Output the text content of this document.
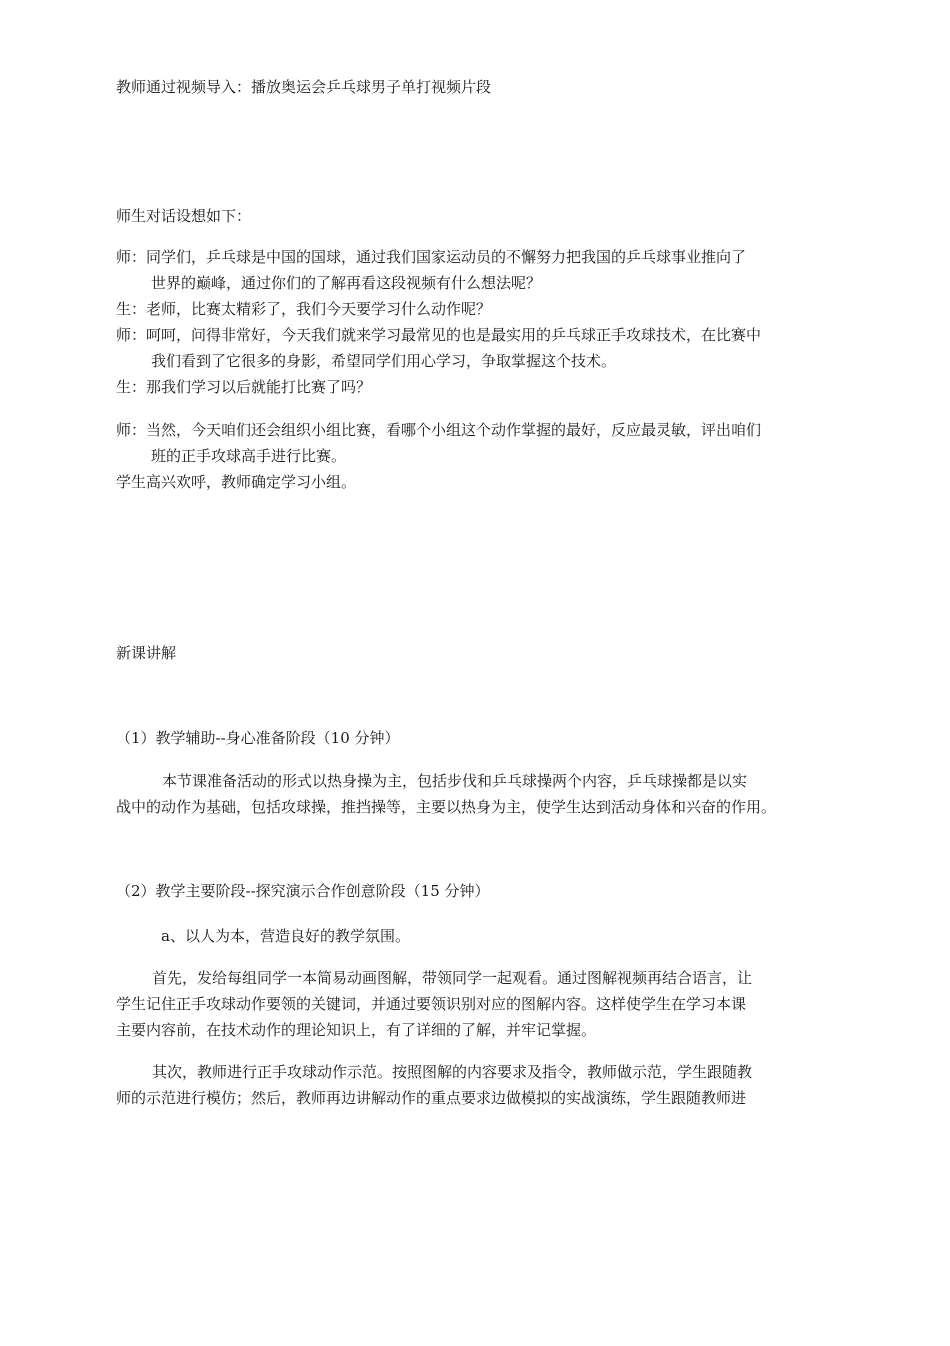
教师通过视频导入：播放奥运会乒乓球男子单打视频片段
师生对话设想如下：
师：同学们，乒乓球是中国的国球，通过我们国家运动员的不懈努力把我国的乒乓球事业推向了
世界的巅峰，通过你们的了解再看这段视频有什么想法呢？
生：老师，比赛太精彩了，我们今天要学习什么动作呢？
师：呵呵，问得非常好，今天我们就来学习最常见的也是最实用的乒乓球正手攻球技术，在比赛中
我们看到了它很多的身影，希望同学们用心学习，争取掌握这个技术。
生：那我们学习以后就能打比赛了吗？
师：当然，今天咱们还会组织小组比赛，看哪个小组这个动作掌握的最好，反应最灵敏，评出咱们
班的正手攻球高手进行比赛。
学生高兴欢呼，教师确定学习小组。
新课讲解
（1）教学辅助--身心准备阶段（10 分钟）
本节课准备活动的形式以热身操为主，包括步伐和乒乓球操两个内容，乒乓球操都是以实
战中的动作为基础，包括攻球操，推挡操等，主要以热身为主，使学生达到活动身体和兴奋的作用。
（2）教学主要阶段--探究演示合作创意阶段（15 分钟）
a、以人为本，营造良好的教学氛围。
首先，发给每组同学一本简易动画图解，带领同学一起观看。通过图解视频再结合语言，让
学生记住正手攻球动作要领的关键词，并通过要领识别对应的图解内容。这样使学生在学习本课
主要内容前，在技术动作的理论知识上，有了详细的了解，并牢记掌握。
其次，教师进行正手攻球动作示范。按照图解的内容要求及指令，教师做示范，学生跟随教
师的示范进行模仿；然后，教师再边讲解动作的重点要求边做模拟的实战演练，学生跟随教师进
